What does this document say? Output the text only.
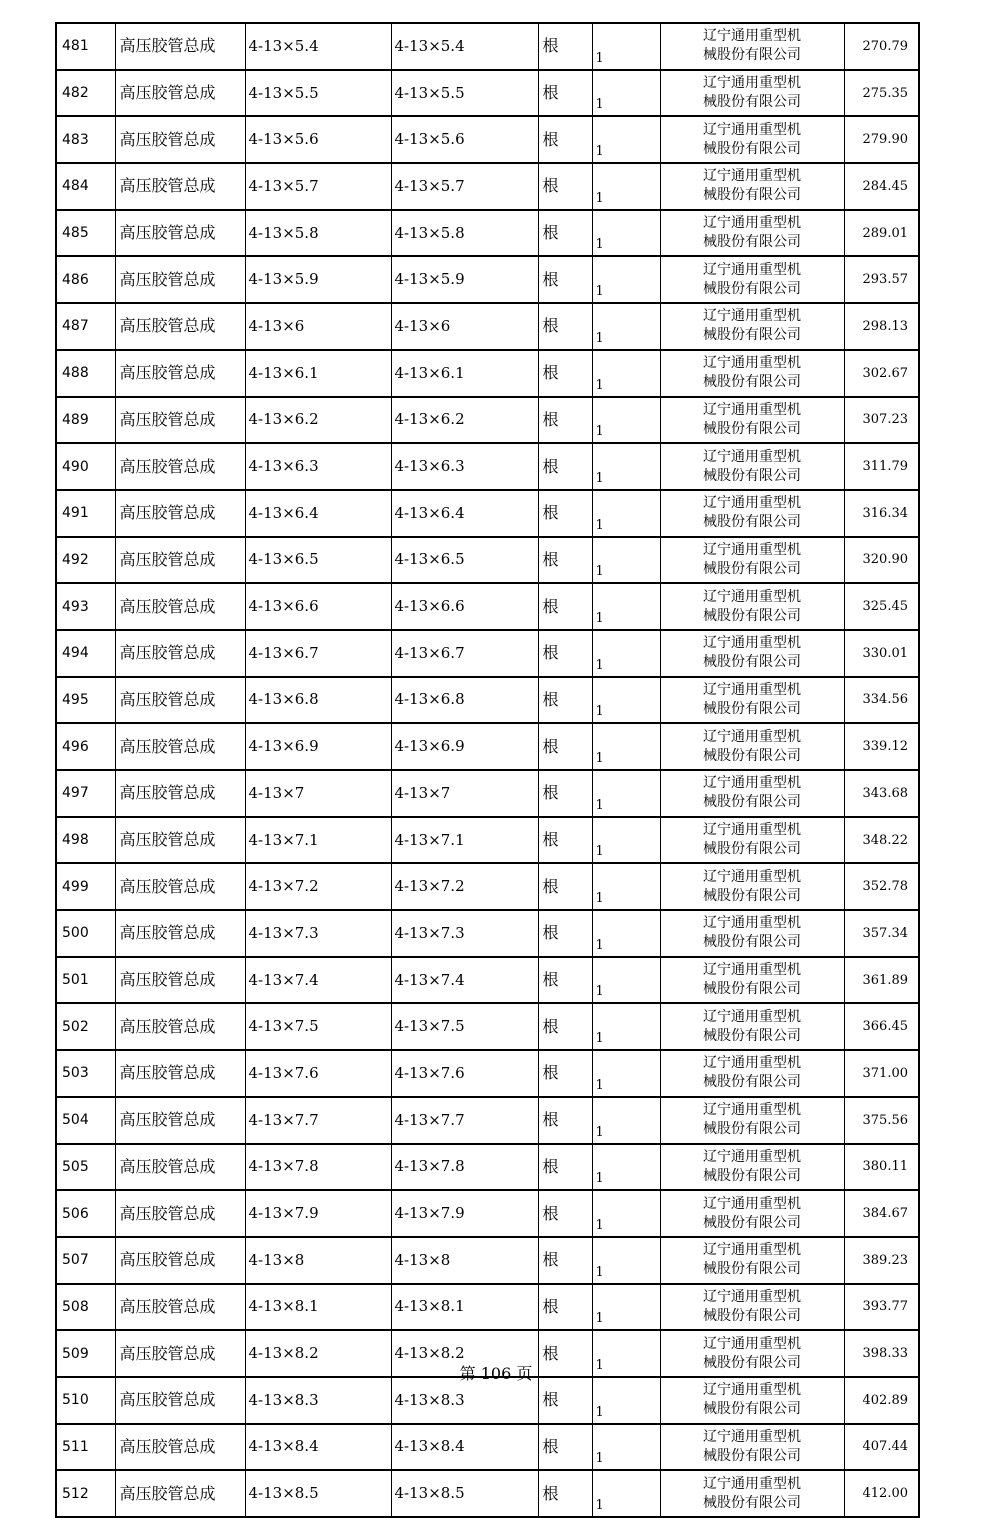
481	高压胶管总成	4-13×5.4	4-13×5.4	根	1	辽宁通用重型机械股份有限公司	270.79
482	高压胶管总成	4-13×5.5	4-13×5.5	根	1	辽宁通用重型机械股份有限公司	275.35
483	高压胶管总成	4-13×5.6	4-13×5.6	根	1	辽宁通用重型机械股份有限公司	279.90
484	高压胶管总成	4-13×5.7	4-13×5.7	根	1	辽宁通用重型机械股份有限公司	284.45
485	高压胶管总成	4-13×5.8	4-13×5.8	根	1	辽宁通用重型机械股份有限公司	289.01
486	高压胶管总成	4-13×5.9	4-13×5.9	根	1	辽宁通用重型机械股份有限公司	293.57
487	高压胶管总成	4-13×6	4-13×6	根	1	辽宁通用重型机械股份有限公司	298.13
488	高压胶管总成	4-13×6.1	4-13×6.1	根	1	辽宁通用重型机械股份有限公司	302.67
489	高压胶管总成	4-13×6.2	4-13×6.2	根	1	辽宁通用重型机械股份有限公司	307.23
490	高压胶管总成	4-13×6.3	4-13×6.3	根	1	辽宁通用重型机械股份有限公司	311.79
491	高压胶管总成	4-13×6.4	4-13×6.4	根	1	辽宁通用重型机械股份有限公司	316.34
492	高压胶管总成	4-13×6.5	4-13×6.5	根	1	辽宁通用重型机械股份有限公司	320.90
493	高压胶管总成	4-13×6.6	4-13×6.6	根	1	辽宁通用重型机械股份有限公司	325.45
494	高压胶管总成	4-13×6.7	4-13×6.7	根	1	辽宁通用重型机械股份有限公司	330.01
495	高压胶管总成	4-13×6.8	4-13×6.8	根	1	辽宁通用重型机械股份有限公司	334.56
496	高压胶管总成	4-13×6.9	4-13×6.9	根	1	辽宁通用重型机械股份有限公司	339.12
497	高压胶管总成	4-13×7	4-13×7	根	1	辽宁通用重型机械股份有限公司	343.68
498	高压胶管总成	4-13×7.1	4-13×7.1	根	1	辽宁通用重型机械股份有限公司	348.22
499	高压胶管总成	4-13×7.2	4-13×7.2	根	1	辽宁通用重型机械股份有限公司	352.78
500	高压胶管总成	4-13×7.3	4-13×7.3	根	1	辽宁通用重型机械股份有限公司	357.34
501	高压胶管总成	4-13×7.4	4-13×7.4	根	1	辽宁通用重型机械股份有限公司	361.89
502	高压胶管总成	4-13×7.5	4-13×7.5	根	1	辽宁通用重型机械股份有限公司	366.45
503	高压胶管总成	4-13×7.6	4-13×7.6	根	1	辽宁通用重型机械股份有限公司	371.00
504	高压胶管总成	4-13×7.7	4-13×7.7	根	1	辽宁通用重型机械股份有限公司	375.56
505	高压胶管总成	4-13×7.8	4-13×7.8	根	1	辽宁通用重型机械股份有限公司	380.11
506	高压胶管总成	4-13×7.9	4-13×7.9	根	1	辽宁通用重型机械股份有限公司	384.67
507	高压胶管总成	4-13×8	4-13×8	根	1	辽宁通用重型机械股份有限公司	389.23
508	高压胶管总成	4-13×8.1	4-13×8.1	根	1	辽宁通用重型机械股份有限公司	393.77
509	高压胶管总成	4-13×8.2	4-13×8.2	根	1	辽宁通用重型机械股份有限公司	398.33
510	高压胶管总成	4-13×8.3	4-13×8.3	根	1	辽宁通用重型机械股份有限公司	402.89
511	高压胶管总成	4-13×8.4	4-13×8.4	根	1	辽宁通用重型机械股份有限公司	407.44
512	高压胶管总成	4-13×8.5	4-13×8.5	根	1	辽宁通用重型机械股份有限公司	412.00
第 106 页
